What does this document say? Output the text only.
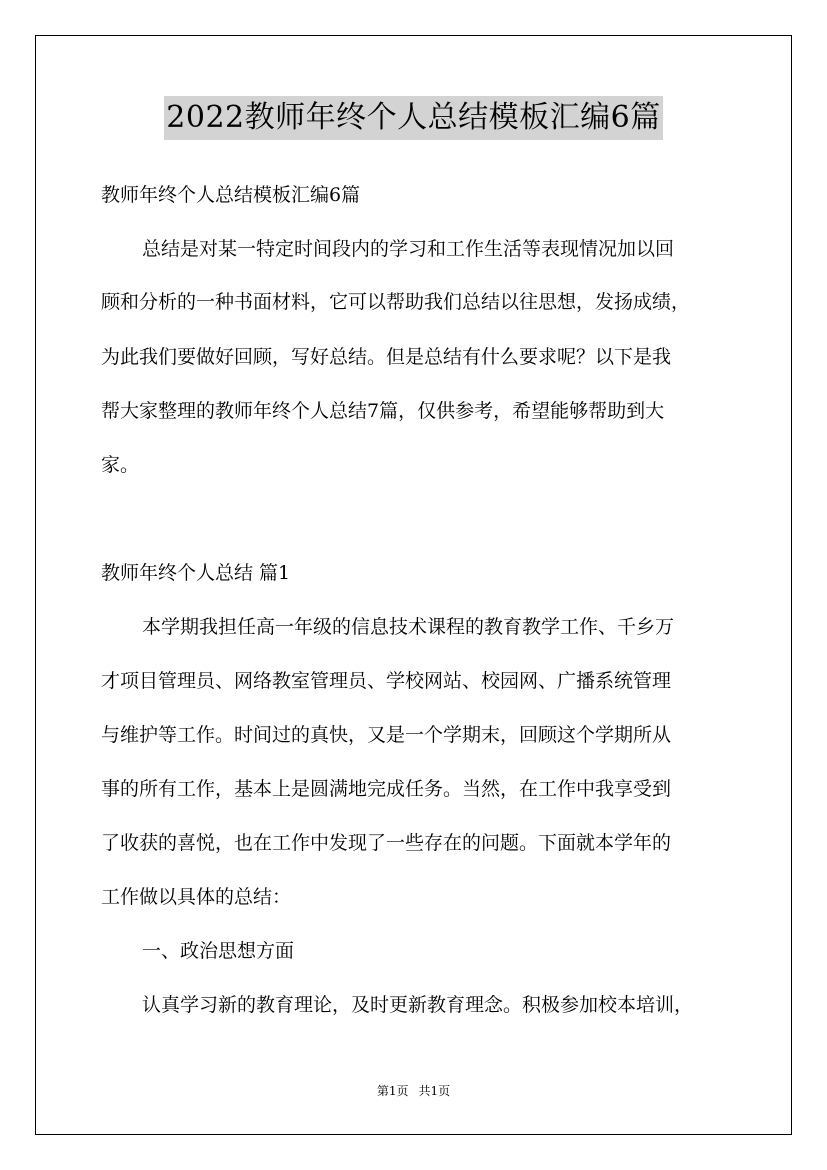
2022教师年终个人总结模板汇编6篇
教师年终个人总结模板汇编6篇
总结是对某一特定时间段内的学习和工作生活等表现情况加以回
顾和分析的一种书面材料，它可以帮助我们总结以往思想，发扬成绩，
为此我们要做好回顾，写好总结。但是总结有什么要求呢？以下是我
帮大家整理的教师年终个人总结7篇，仅供参考，希望能够帮助到大
家。
教师年终个人总结 篇1
本学期我担任高一年级的信息技术课程的教育教学工作、千乡万
才项目管理员、网络教室管理员、学校网站、校园网、广播系统管理
与维护等工作。时间过的真快，又是一个学期末，回顾这个学期所从
事的所有工作，基本上是圆满地完成任务。当然，在工作中我享受到
了收获的喜悦，也在工作中发现了一些存在的问题。下面就本学年的
工作做以具体的总结：
一、政治思想方面
认真学习新的教育理论，及时更新教育理念。积极参加校本培训，
第1页 共1页
